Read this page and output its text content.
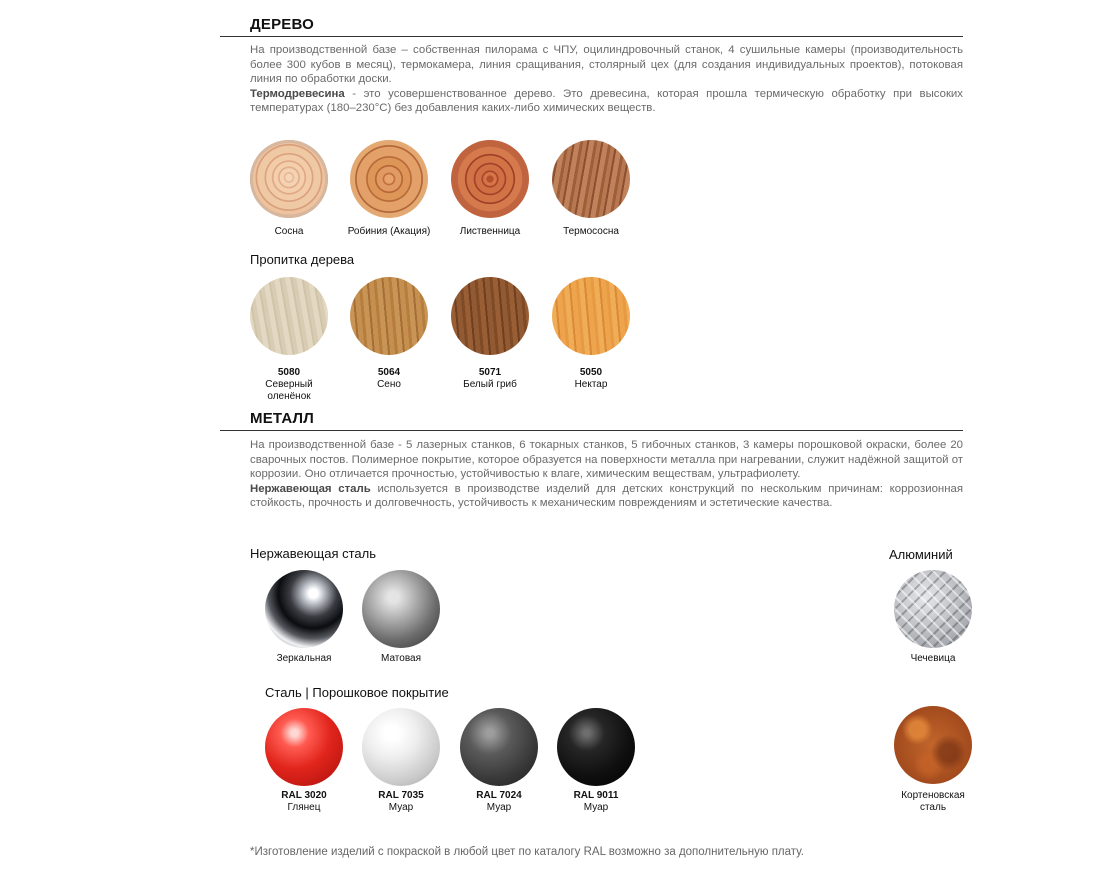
ДЕРЕВО
На производственной базе – собственная пилорама с ЧПУ, оцилиндровочный станок, 4 сушильные камеры (производительность более 300 кубов в месяц), термокамера, линия сращивания, столярный цех (для создания индивидуальных проектов), потоковая линия по обработки доски.
Термодревесина - это усовершенствованное дерево. Это древесина, которая прошла термическую обработку при высоких температурах (180–230°С) без добавления каких-либо химических веществ.
Сосна	Робиния (Акация)	Лиственница	Термососна
Пропитка дерева
5080
Северный оленёнок
5064
Сено
5071
Белый гриб
5050
Нектар
МЕТАЛЛ
На производственной базе - 5 лазерных станков, 6 токарных станков, 5 гибочных станков, 3 камеры порошковой окраски, более 20 сварочных постов. Полимерное покрытие, которое образуется на поверхности металла при нагревании, служит надёжной защитой от коррозии. Оно отличается прочностью, устойчивостью к влаге, химическим веществам, ультрафиолету.
Нержавеющая сталь используется в производстве изделий для детских конструкций по нескольким причинам: коррозионная стойкость, прочность и долговечность, устойчивость к механическим повреждениям и эстетические качества.
Нержавеющая сталь	Алюминий
Зеркальная	Матовая	Чечевица
Сталь | Порошковое покрытие
RAL 3020
Глянец
RAL 7035
Муар
RAL 7024
Муар
RAL 9011
Муар
Кортеновская сталь
*Изготовление изделий с покраской в любой цвет по каталогу RAL возможно за дополнительную плату.
